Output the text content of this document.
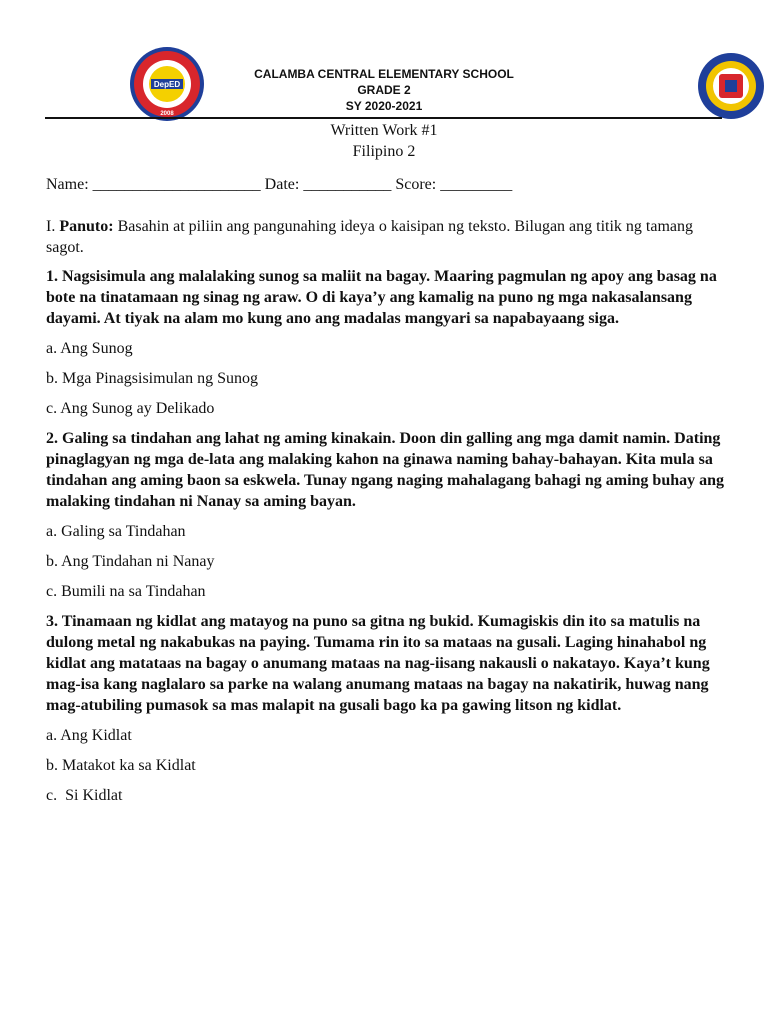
DepED
2008
CALAMBA CENTRAL ELEMENTARY SCHOOL
GRADE 2
SY 2020-2021
Written Work #1
Filipino 2
Name: _____________________ Date: ___________ Score: _________

I. Panuto: Basahin at piliin ang pangunahing ideya o kaisipan ng teksto. Bilugan ang titik ng tamang sagot.

1. Nagsisimula ang malalaking sunog sa maliit na bagay. Maaring pagmulan ng apoy ang basag na bote na tinatamaan ng sinag ng araw. O di kaya’y ang kamalig na puno ng mga nakasalansang dayami. At tiyak na alam mo kung ano ang madalas mangyari sa napabayaang siga.

a. Ang Sunog

b. Mga Pinagsisimulan ng Sunog

c. Ang Sunog ay Delikado

2. Galing sa tindahan ang lahat ng aming kinakain. Doon din galling ang mga damit namin. Dating pinaglagyan ng mga de-lata ang malaking kahon na ginawa naming bahay-bahayan. Kita mula sa tindahan ang aming baon sa eskwela. Tunay ngang naging mahalagang bahagi ng aming buhay ang malaking tindahan ni Nanay sa aming bayan.

a. Galing sa Tindahan

b. Ang Tindahan ni Nanay

c. Bumili na sa Tindahan

3. Tinamaan ng kidlat ang matayog na puno sa gitna ng bukid. Kumagiskis din ito sa matulis na dulong metal ng nakabukas na paying. Tumama rin ito sa mataas na gusali. Laging hinahabol ng kidlat ang matataas na bagay o anumang mataas na nag-iisang nakausli o nakatayo. Kaya’t kung mag-isa kang naglalaro sa parke na walang anumang mataas na bagay na nakatirik, huwag nang mag-atubiling pumasok sa mas malapit na gusali bago ka pa gawing litson ng kidlat.

a. Ang Kidlat

b. Matakot ka sa Kidlat

c.  Si Kidlat
